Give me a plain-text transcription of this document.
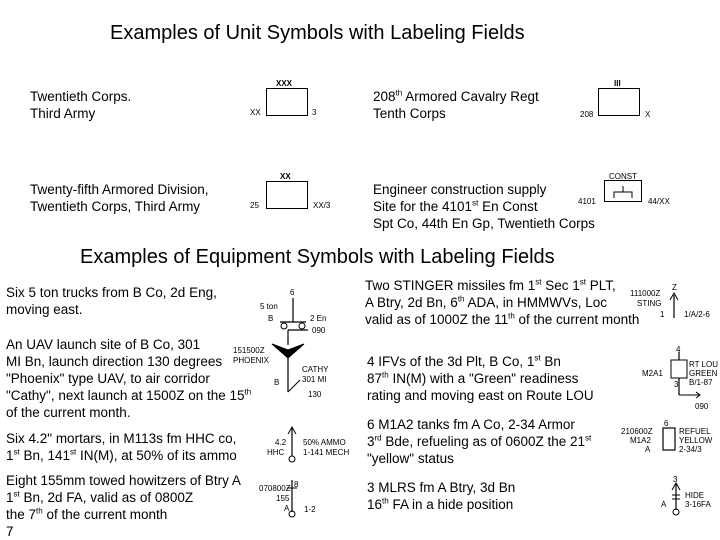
Examples of Unit Symbols with Labeling Fields
Examples of Equipment Symbols with Labeling Fields
Twentieth Corps.
Third Army
XXX
XX	3
208th Armored Cavalry Regt
Tenth Corps
III
208	X
Twenty-fifth Armored Division,
Twentieth Corps, Third Army
XX
25	XX/3
Engineer construction supply
Site for the 4101st En Const
Spt Co, 44th En Gp, Twentieth Corps
CONST
4101	44/XX
Six 5 ton trucks from B Co, 2d Eng,
moving east.
6
5 ton
B	2 En
Two STINGER missiles fm 1st Sec 1st PLT,
A Btry, 2d Bn, 6th ADA, in HMMWVs, Loc
valid as of 1000Z the 11th of the current month
111000Z
Z
STING
1 1/A/2-6
An UAV launch site of B Co, 301
MI Bn, launch direction 130 degrees
"Phoenix" type UAV, to air corridor
"Cathy", next launch at 1500Z on the 15th
of the current month.
090
151500Z
PHOENIX
B
CATHY
301 MI
130
4 IFVs of the 3d Plt, B Co, 1st Bn
87th IN(M) with a "Green" readiness
rating and moving east on Route LOU
4
M2A1
RT LOU
GREEN
B/1-87
3
090
Six 4.2" mortars, in M113s fm HHC co,
1st Bn, 141st IN(M), at 50% of its ammo
4.2
HHC
50% AMMO
1-141 MECH
6 M1A2 tanks fm A Co, 2-34 Armor
3rd Bde, refueling as of 0600Z the 21st
"yellow" status
210600Z
M1A2
A
6
REFUEL
YELLOW
2-34/3
Eight 155mm towed howitzers of Btry A
1st Bn, 2d FA, valid as of 0800Z
the 7th of the current month
7
070800Z 8
155
A 1-2
3 MLRS fm A Btry, 3d Bn
16th FA in a hide position
3
A
HIDE
3-16FA
